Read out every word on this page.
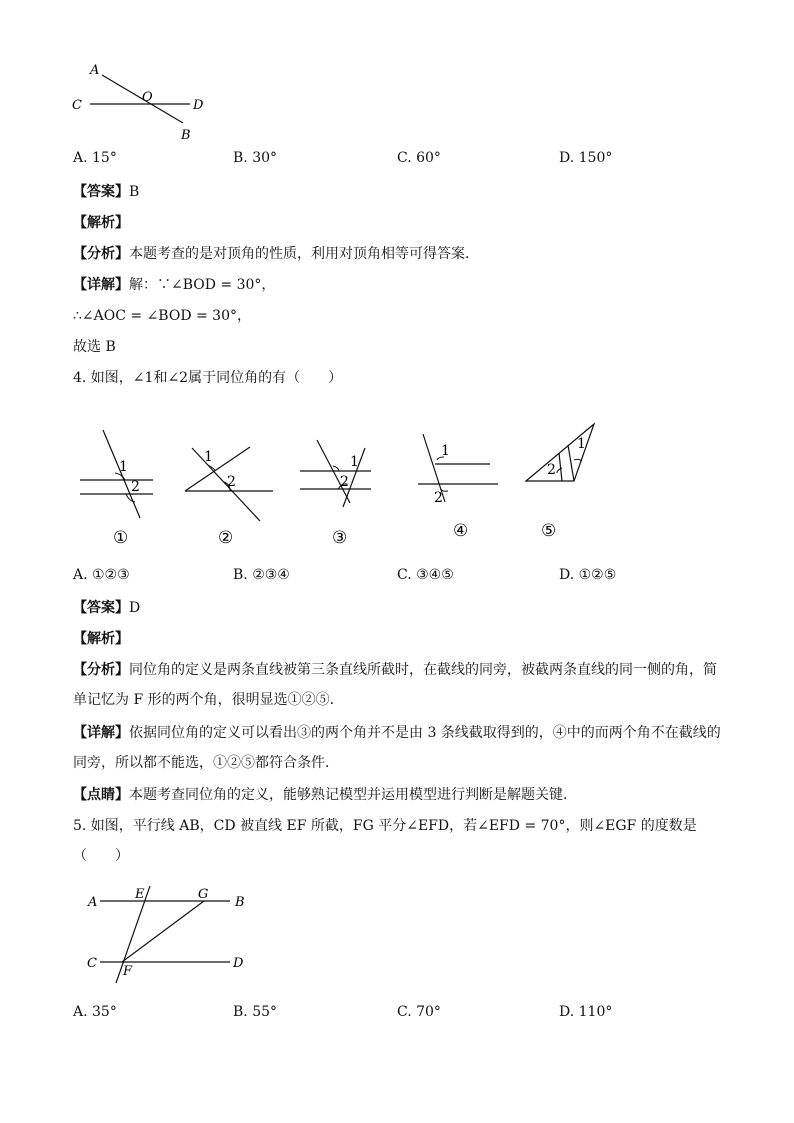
A
C
O
D
B
A. 15°	B. 30°	C. 60°	D. 150°
【答案】B
【解析】
【分析】本题考查的是对顶角的性质，利用对顶角相等可得答案．
【详解】解：∵∠BOD = 30°，
∴∠AOC = ∠BOD = 30°，
故选 B
4. 如图，∠1和∠2属于同位角的有（　　）
1
2
①
1
2
②
1
2
③
1
2
④
1
2
⑤
A. ①②③	B. ②③④	C. ③④⑤	D. ①②⑤
【答案】D
【解析】
【分析】同位角的定义是两条直线被第三条直线所截时，在截线的同旁，被截两条直线的同一侧的角，简
单记忆为 F 形的两个角，很明显选①②⑤．
【详解】依据同位角的定义可以看出③的两个角并不是由 3 条线截取得到的，④中的而两个角不在截线的
同旁，所以都不能选，①②⑤都符合条件．
【点睛】本题考查同位角的定义，能够熟记模型并运用模型进行判断是解题关键．
5. 如图，平行线 AB，CD 被直线 EF 所截，FG 平分∠EFD，若∠EFD = 70°，则∠EGF 的度数是
（　　）
A
E	G
B
C
F
D
A. 35°	B. 55°	C. 70°	D. 110°
